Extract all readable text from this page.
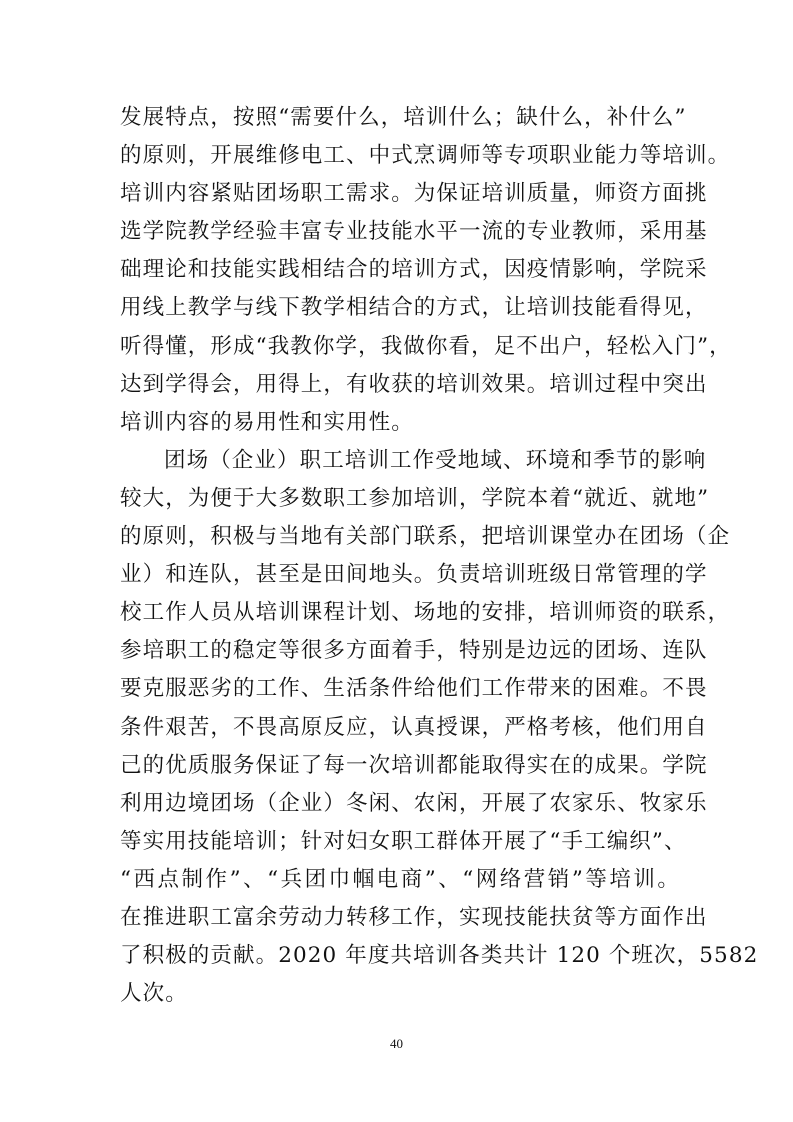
发展特点，按照“需要什么，培训什么；缺什么，补什么”
的原则，开展维修电工、中式烹调师等专项职业能力等培训。
培训内容紧贴团场职工需求。为保证培训质量，师资方面挑
选学院教学经验丰富专业技能水平一流的专业教师，采用基
础理论和技能实践相结合的培训方式，因疫情影响，学院采
用线上教学与线下教学相结合的方式，让培训技能看得见，
听得懂，形成“我教你学，我做你看，足不出户，轻松入门”，
达到学得会，用得上，有收获的培训效果。培训过程中突出
培训内容的易用性和实用性。
团场（企业）职工培训工作受地域、环境和季节的影响
较大，为便于大多数职工参加培训，学院本着“就近、就地”
的原则，积极与当地有关部门联系，把培训课堂办在团场（企
业）和连队，甚至是田间地头。负责培训班级日常管理的学
校工作人员从培训课程计划、场地的安排，培训师资的联系，
参培职工的稳定等很多方面着手，特别是边远的团场、连队
要克服恶劣的工作、生活条件给他们工作带来的困难。不畏
条件艰苦，不畏高原反应，认真授课，严格考核，他们用自
己的优质服务保证了每一次培训都能取得实在的成果。学院
利用边境团场（企业）冬闲、农闲，开展了农家乐、牧家乐
等实用技能培训；针对妇女职工群体开展了“手工编织”、
“西点制作”、“兵团巾帼电商”、“网络营销”等培训。
在推进职工富余劳动力转移工作，实现技能扶贫等方面作出
了积极的贡献。2020 年度共培训各类共计 120 个班次，5582
人次。
40
